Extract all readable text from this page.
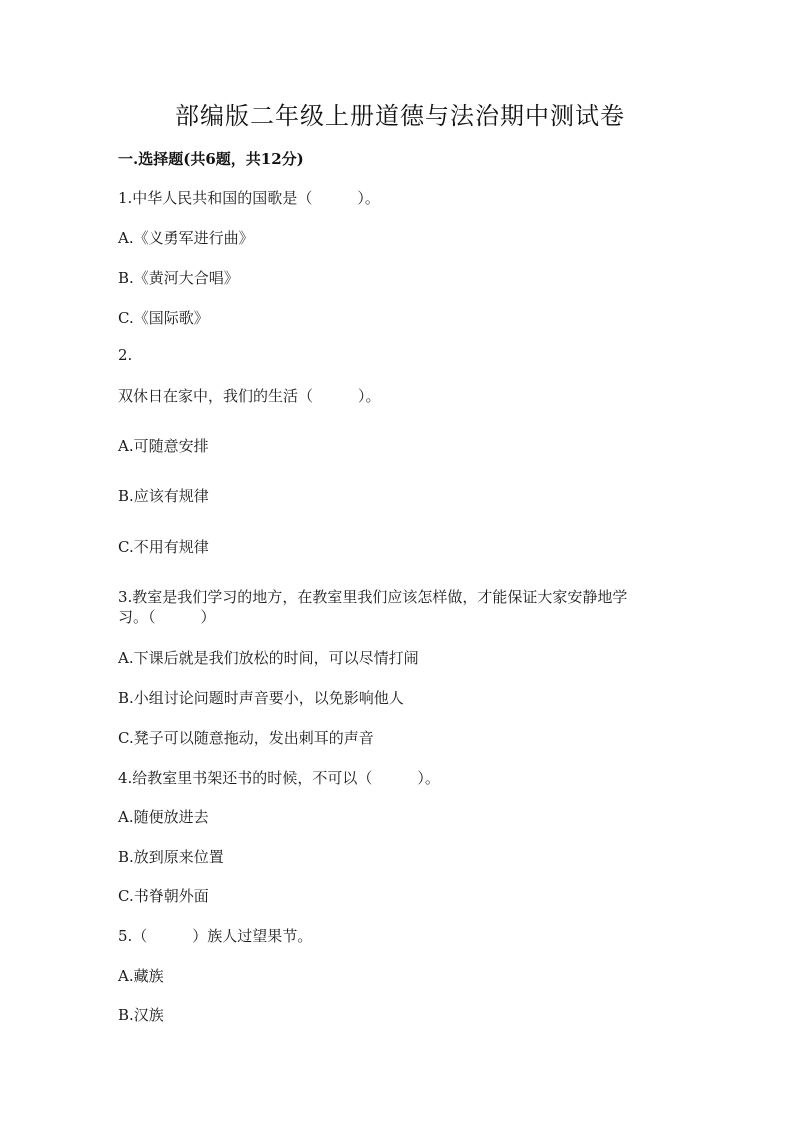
部编版二年级上册道德与法治期中测试卷
一.选择题(共6题，共12分)
1.中华人民共和国的国歌是（　　　）。
A.《义勇军进行曲》
B.《黄河大合唱》
C.《国际歌》
2.
双休日在家中，我们的生活（　　　）。
A.可随意安排
B.应该有规律
C.不用有规律
3.教室是我们学习的地方，在教室里我们应该怎样做，才能保证大家安静地学
习。（　　　）
A.下课后就是我们放松的时间，可以尽情打闹
B.小组讨论问题时声音要小，以免影响他人
C.凳子可以随意拖动，发出刺耳的声音
4.给教室里书架还书的时候，不可以（　　　）。
A.随便放进去
B.放到原来位置
C.书脊朝外面
5.（　　　）族人过望果节。
A.藏族
B.汉族
